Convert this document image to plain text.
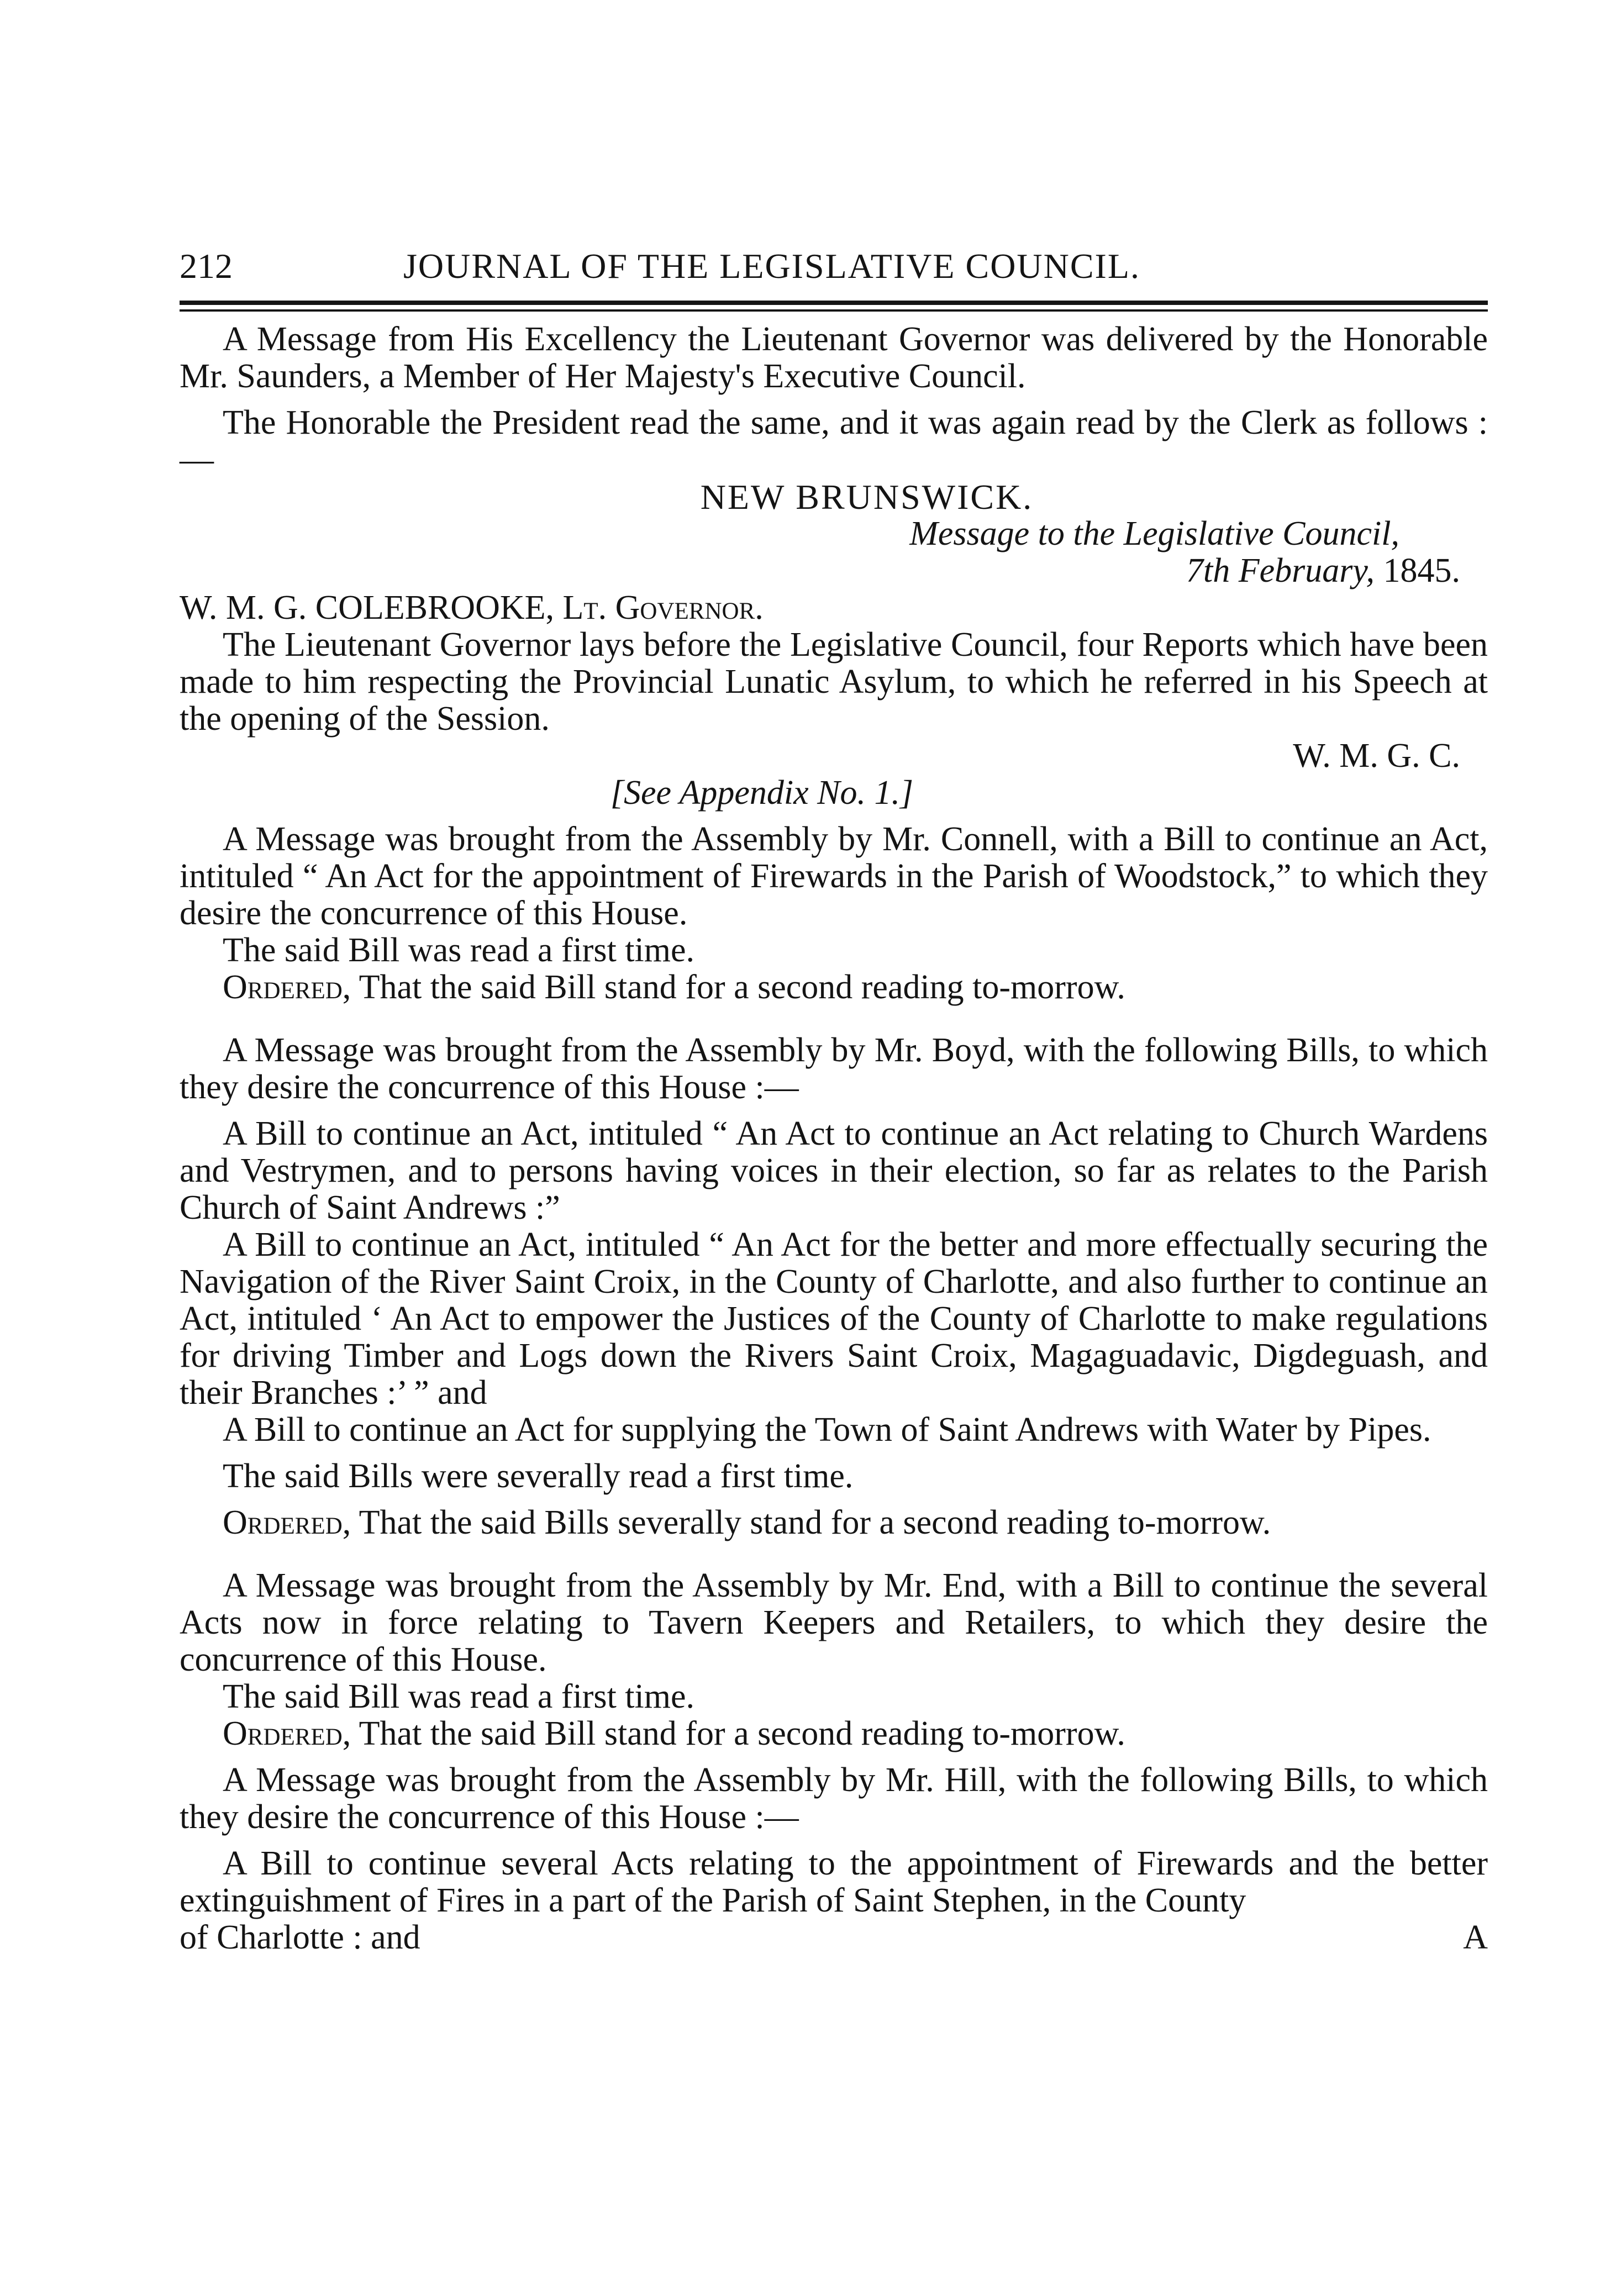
212	JOURNAL OF THE LEGISLATIVE COUNCIL.

A Message from His Excellency the Lieutenant Governor was delivered by the Honorable Mr. Saunders, a Member of Her Majesty's Executive Council.

The Honorable the President read the same, and it was again read by the Clerk as follows :—

NEW BRUNSWICK.

Message to the Legislative Council,

7th February, 1845.

W. M. G. COLEBROOKE, Lt. Governor.

The Lieutenant Governor lays before the Legislative Council, four Reports which have been made to him respecting the Provincial Lunatic Asylum, to which he referred in his Speech at the opening of the Session.

W. M. G. C.

[See Appendix No. 1.]

A Message was brought from the Assembly by Mr. Connell, with a Bill to continue an Act, intituled “ An Act for the appointment of Firewards in the Parish of Woodstock,” to which they desire the concurrence of this House.

The said Bill was read a first time.

Ordered, That the said Bill stand for a second reading to-morrow.

A Message was brought from the Assembly by Mr. Boyd, with the following Bills, to which they desire the concurrence of this House :—

A Bill to continue an Act, intituled “ An Act to continue an Act relating to Church Wardens and Vestrymen, and to persons having voices in their election, so far as relates to the Parish Church of Saint Andrews :”

A Bill to continue an Act, intituled “ An Act for the better and more effectually securing the Navigation of the River Saint Croix, in the County of Charlotte, and also further to continue an Act, intituled ‘ An Act to empower the Justices of the County of Charlotte to make regulations for driving Timber and Logs down the Rivers Saint Croix, Magaguadavic, Digdeguash, and their Branches :’ ” and

A Bill to continue an Act for supplying the Town of Saint Andrews with Water by Pipes.

The said Bills were severally read a first time.

Ordered, That the said Bills severally stand for a second reading to-morrow.

A Message was brought from the Assembly by Mr. End, with a Bill to continue the several Acts now in force relating to Tavern Keepers and Retailers, to which they desire the concurrence of this House.

The said Bill was read a first time.

Ordered, That the said Bill stand for a second reading to-morrow.

A Message was brought from the Assembly by Mr. Hill, with the following Bills, to which they desire the concurrence of this House :—

A Bill to continue several Acts relating to the appointment of Firewards and the better extinguishment of Fires in a part of the Parish of Saint Stephen, in the County

of Charlotte : and	A
